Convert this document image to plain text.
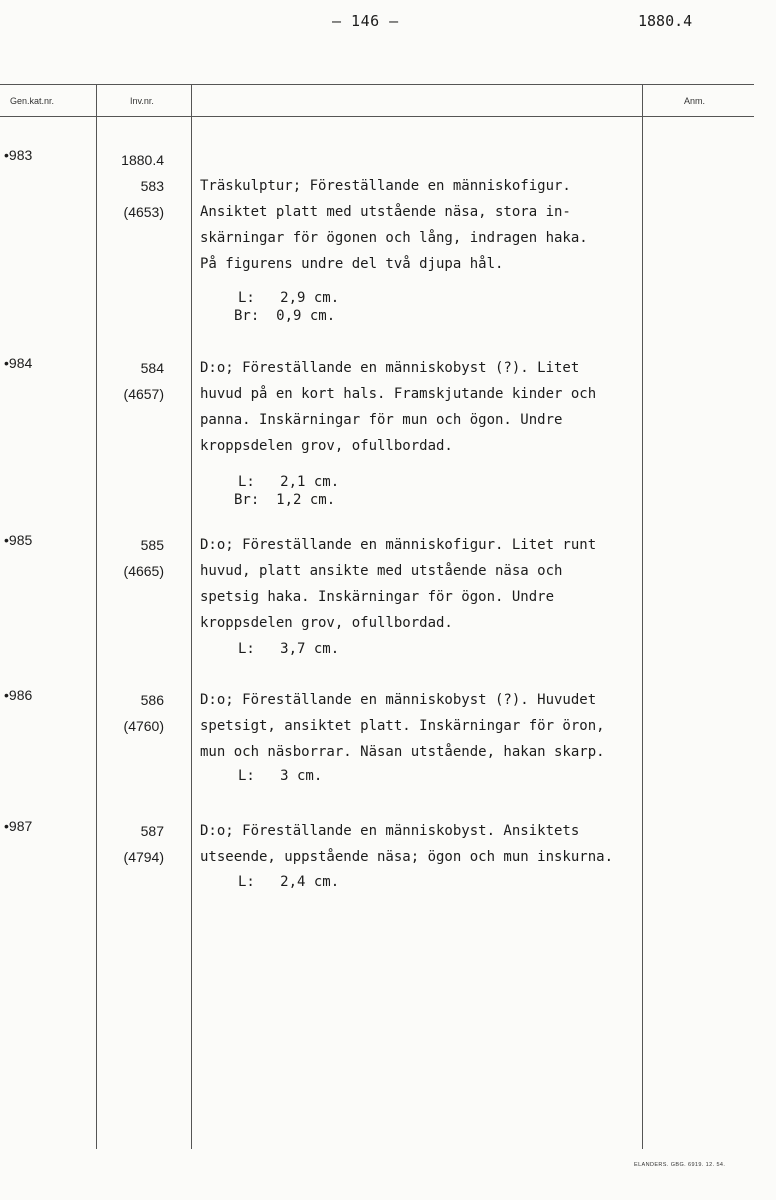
— 146 —	1880.4
Gen.kat.nr.	Inv.nr.	Anm.
•983	1880.4
583
(4653)
Träskulptur; Föreställande en människofigur.
Ansiktet platt med utstående näsa, stora in-
skärningar för ögonen och lång, indragen haka.
På figurens undre del två djupa hål.
L:   2,9 cm.
Br:  0,9 cm.
•984	584
(4657)
D:o; Föreställande en människobyst (?). Litet
huvud på en kort hals. Framskjutande kinder och
panna. Inskärningar för mun och ögon. Undre
kroppsdelen grov, ofullbordad.
L:   2,1 cm.
Br:  1,2 cm.
•985	585
(4665)
D:o; Föreställande en människofigur. Litet runt
huvud, platt ansikte med utstående näsa och
spetsig haka. Inskärningar för ögon. Undre
kroppsdelen grov, ofullbordad.
L:   3,7 cm.
•986	586
(4760)
D:o; Föreställande en människobyst (?). Huvudet
spetsigt, ansiktet platt. Inskärningar för öron,
mun och näsborrar. Näsan utstående, hakan skarp.
L:   3 cm.
•987	587
(4794)
D:o; Föreställande en människobyst. Ansiktets
utseende, uppstående näsa; ögon och mun inskurna.
L:   2,4 cm.
ELANDERS. GBG. 6919. 12. 54.
